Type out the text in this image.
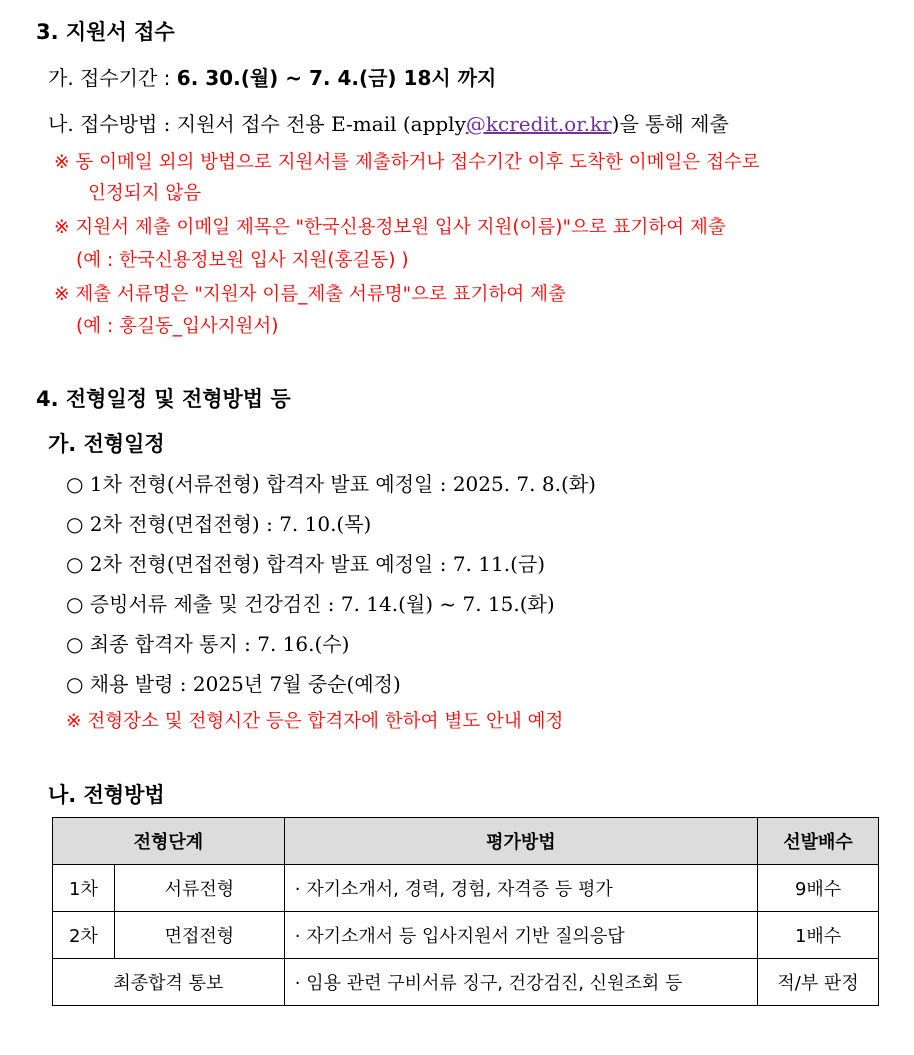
3. 지원서 접수
가. 접수기간 : 6. 30.(월) ~ 7. 4.(금) 18시 까지
나. 접수방법 : 지원서 접수 전용 E-mail (apply@kcredit.or.kr)을 통해 제출
※ 동 이메일 외의 방법으로 지원서를 제출하거나 접수기간 이후 도착한 이메일은 접수로
인정되지 않음
※ 지원서 제출 이메일 제목은 "한국신용정보원 입사 지원(이름)"으로 표기하여 제출
(예 : 한국신용정보원 입사 지원(홍길동) )
※ 제출 서류명은 "지원자 이름_제출 서류명"으로 표기하여 제출
(예 : 홍길동_입사지원서)
4. 전형일정 및 전형방법 등
가. 전형일정
○ 1차 전형(서류전형) 합격자 발표 예정일 : 2025. 7. 8.(화)
○ 2차 전형(면접전형) : 7. 10.(목)
○ 2차 전형(면접전형) 합격자 발표 예정일 : 7. 11.(금)
○ 증빙서류 제출 및 건강검진 : 7. 14.(월) ~ 7. 15.(화)
○ 최종 합격자 통지 : 7. 16.(수)
○ 채용 발령 : 2025년 7월 중순(예정)
※ 전형장소 및 전형시간 등은 합격자에 한하여 별도 안내 예정
나. 전형방법
전형단계		평가방법	선발배수
1차	서류전형	· 자기소개서, 경력, 경험, 자격증 등 평가	9배수
2차	면접전형	· 자기소개서 등 입사지원서 기반 질의응답	1배수
최종합격 통보		· 임용 관련 구비서류 징구, 건강검진, 신원조회 등	적/부 판정
